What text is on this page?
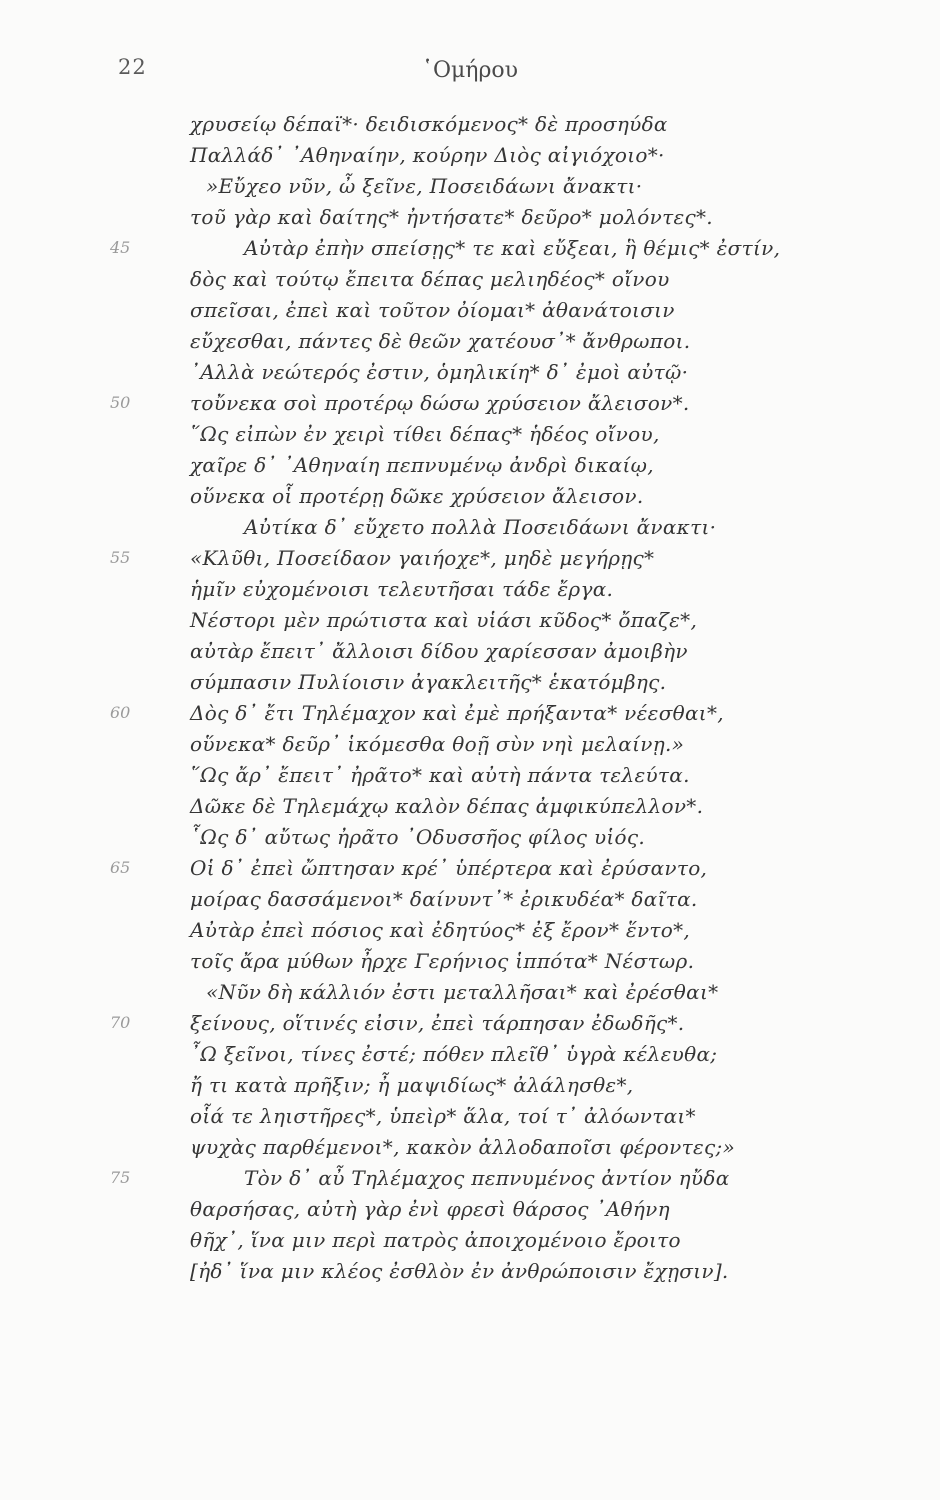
22	῾Ομήρου
χρυσείῳ δέπαϊ*· δειδισκόμενος* δὲ προσηύδα
Παλλάδ᾿ ᾿Αθηναίην, κούρην Διὸς αἰγιόχοιο*·
»Εὔχεο νῦν, ὦ ξεῖνε, Ποσειδάωνι ἄνακτι·
τοῦ γὰρ καὶ δαίτης* ἠντήσατε* δεῦρο* μολόντες*.
45	Αὐτὰρ ἐπὴν σπείσῃς* τε καὶ εὔξεαι, ἣ θέμις* ἐστίν,
δὸς καὶ τούτῳ ἔπειτα δέπας μελιηδέος* οἴνου
σπεῖσαι, ἐπεὶ καὶ τοῦτον ὀίομαι* ἀθανάτοισιν
εὔχεσθαι, πάντες δὲ θεῶν χατέουσ᾿* ἄνθρωποι.
᾿Αλλὰ νεώτερός ἐστιν, ὁμηλικίη* δ᾿ ἐμοὶ αὐτῷ·
50	τοὔνεκα σοὶ προτέρῳ δώσω χρύσειον ἄλεισον*.
῞Ως εἰπὼν ἐν χειρὶ τίθει δέπας* ἡδέος οἴνου,
χαῖρε δ᾿ ᾿Αθηναίη πεπνυμένῳ ἀνδρὶ δικαίῳ,
οὕνεκα οἷ προτέρῃ δῶκε χρύσειον ἄλεισον.
Αὐτίκα δ᾿ εὔχετο πολλὰ Ποσειδάωνι ἄνακτι·
55	«Κλῦθι, Ποσείδαον γαιήοχε*, μηδὲ μεγήρῃς*
ἡμῖν εὐχομένοισι τελευτῆσαι τάδε ἔργα.
Νέστορι μὲν πρώτιστα καὶ υἱάσι κῦδος* ὄπαζε*,
αὐτὰρ ἔπειτ᾿ ἄλλοισι δίδου χαρίεσσαν ἀμοιβὴν
σύμπασιν Πυλίοισιν ἀγακλειτῆς* ἑκατόμβης.
60	Δὸς δ᾿ ἔτι Τηλέμαχον καὶ ἐμὲ πρήξαντα* νέεσθαι*,
οὕνεκα* δεῦρ᾿ ἱκόμεσθα θοῇ σὺν νηὶ μελαίνῃ.»
῞Ως ἄρ᾿ ἔπειτ᾿ ἠρᾶτο* καὶ αὐτὴ πάντα τελεύτα.
Δῶκε δὲ Τηλεμάχῳ καλὸν δέπας ἀμφικύπελλον*.
῟Ως δ᾿ αὔτως ἠρᾶτο ᾿Οδυσσῆος φίλος υἱός.
65	Οἱ δ᾿ ἐπεὶ ὤπτησαν κρέ᾿ ὑπέρτερα καὶ ἐρύσαντο,
μοίρας δασσάμενοι* δαίνυντ᾿* ἐρικυδέα* δαῖτα.
Αὐτὰρ ἐπεὶ πόσιος καὶ ἐδητύος* ἐξ ἔρον* ἕντο*,
τοῖς ἄρα μύθων ἦρχε Γερήνιος ἱππότα* Νέστωρ.
«Νῦν δὴ κάλλιόν ἐστι μεταλλῆσαι* καὶ ἐρέσθαι*
70	ξείνους, οἵτινές εἰσιν, ἐπεὶ τάρπησαν ἐδωδῆς*.
῏Ω ξεῖνοι, τίνες ἐστέ; πόθεν πλεῖθ᾿ ὑγρὰ κέλευθα;
ἤ τι κατὰ πρῆξιν; ἦ μαψιδίως* ἀλάλησθε*,
οἷά τε ληιστῆρες*, ὑπεὶρ* ἅλα, τοί τ᾿ ἀλόωνται*
ψυχὰς παρθέμενοι*, κακὸν ἀλλοδαποῖσι φέροντες;»
75	Τὸν δ᾿ αὖ Τηλέμαχος πεπνυμένος ἀντίον ηὔδα
θαρσήσας, αὐτὴ γὰρ ἐνὶ φρεσὶ θάρσος ᾿Αθήνη
θῆχ᾿, ἵνα μιν περὶ πατρὸς ἀποιχομένοιο ἔροιτο
[ἠδ᾿ ἵνα μιν κλέος ἐσθλὸν ἐν ἀνθρώποισιν ἔχῃσιν].
